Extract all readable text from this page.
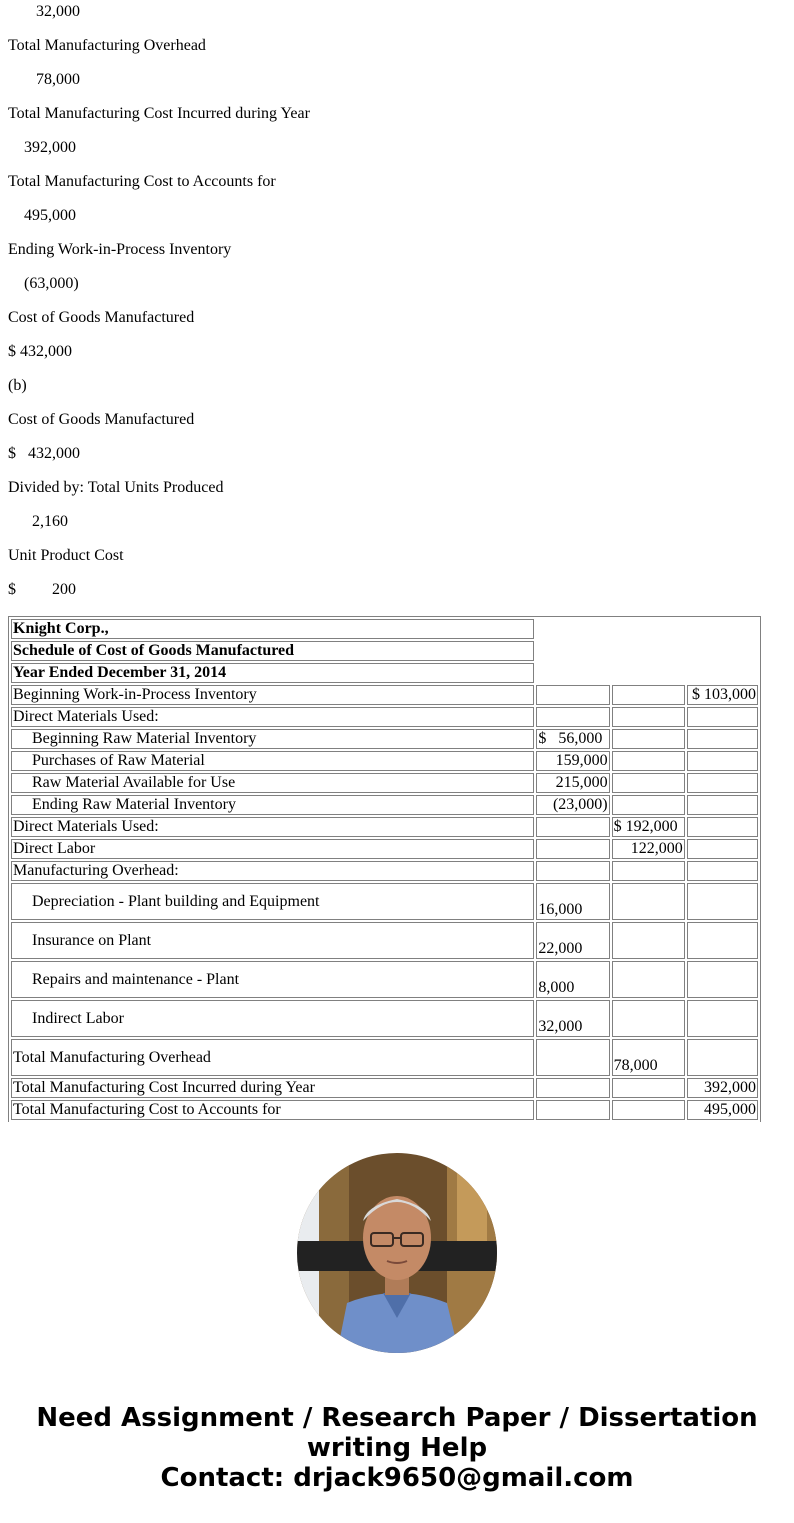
32,000
Total Manufacturing Overhead
78,000
Total Manufacturing Cost Incurred during Year
392,000
Total Manufacturing Cost to Accounts for
495,000
Ending Work-in-Process Inventory
(63,000)
Cost of Goods Manufactured
$ 432,000
(b)
Cost of Goods Manufactured
$   432,000
Divided by: Total Units Produced
2,160
Unit Product Cost
$ 200
Knight Corp.,			
Schedule of Cost of Goods Manufactured			
Year Ended December 31, 2014			
Beginning Work-in-Process Inventory			$ 103,000
Direct Materials Used:			
Beginning Raw Material Inventory	$   56,000		
Purchases of Raw Material	159,000		
Raw Material Available for Use	215,000		
Ending Raw Material Inventory	(23,000)		
Direct Materials Used:		$ 192,000	
Direct Labor		122,000	
Manufacturing Overhead:			
Depreciation - Plant building and Equipment	16,000		
Insurance on Plant	22,000		
Repairs and maintenance - Plant	8,000		
Indirect Labor	32,000		
Total Manufacturing Overhead		78,000	
Total Manufacturing Cost Incurred during Year			392,000
Total Manufacturing Cost to Accounts for			495,000
Need Assignment / Research Paper / Dissertation
writing Help
Contact: drjack9650@gmail.com
